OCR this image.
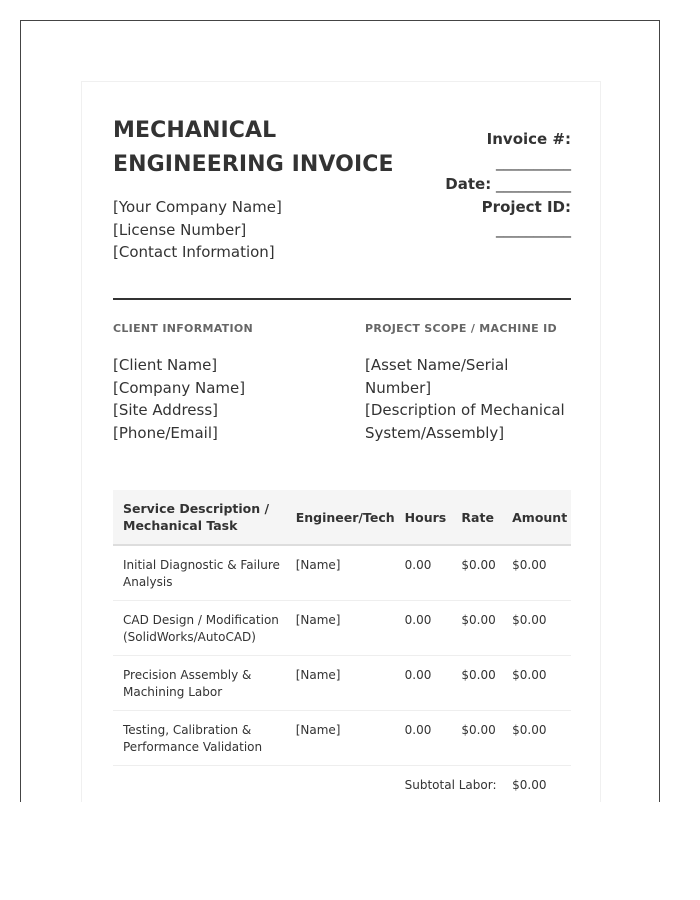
MECHANICAL ENGINEERING INVOICE
[Your Company Name]
[License Number]
[Contact Information]
Invoice #:
__________
Date: __________
Project ID:
__________
CLIENT INFORMATION
[Client Name]
[Company Name]
[Site Address]
[Phone/Email]
PROJECT SCOPE / MACHINE ID
[Asset Name/Serial Number]
[Description of Mechanical
System/Assembly]
Service Description / Mechanical Task	Engineer/Tech	Hours	Rate	Amount
Initial Diagnostic & Failure Analysis	[Name]	0.00	$0.00	$0.00
CAD Design / Modification (SolidWorks/AutoCAD)	[Name]	0.00	$0.00	$0.00
Precision Assembly & Machining Labor	[Name]	0.00	$0.00	$0.00
Testing, Calibration & Performance Validation	[Name]	0.00	$0.00	$0.00
		Subtotal Labor:		$0.00
